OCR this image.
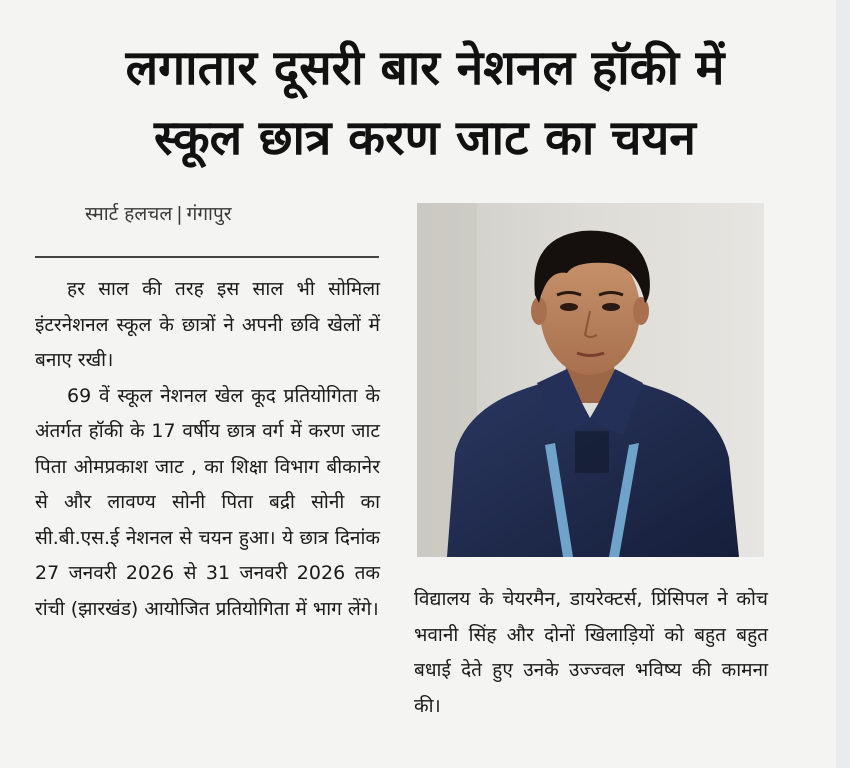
लगातार दूसरी बार नेशनल हॉकी में
स्कूल छात्र करण जाट का चयन
स्मार्ट हलचल | गंगापुर

हर साल की तरह इस साल भी सोमिला इंटरनेशनल स्कूल के छात्रों ने अपनी छवि खेलों में बनाए रखी।

69 वें स्कूल नेशनल खेल कूद प्रतियोगिता के अंतर्गत हॉकी के 17 वर्षीय छात्र वर्ग में करण जाट पिता ओमप्रकाश जाट , का शिक्षा विभाग बीकानेर से और लावण्य सोनी पिता बद्री सोनी का सी.बी.एस.ई नेशनल से चयन हुआ। ये छात्र दिनांक 27 जनवरी 2026 से 31 जनवरी 2026 तक रांची (झारखंड) आयोजित प्रतियोगिता में भाग लेंगे। विद्यालय के चेयरमैन, डायरेक्टर्स, प्रिंसिपल ने कोच भवानी सिंह और दोनों खिलाड़ियों को बहुत बहुत बधाई देते हुए उनके उज्ज्वल भविष्य की कामना की।
